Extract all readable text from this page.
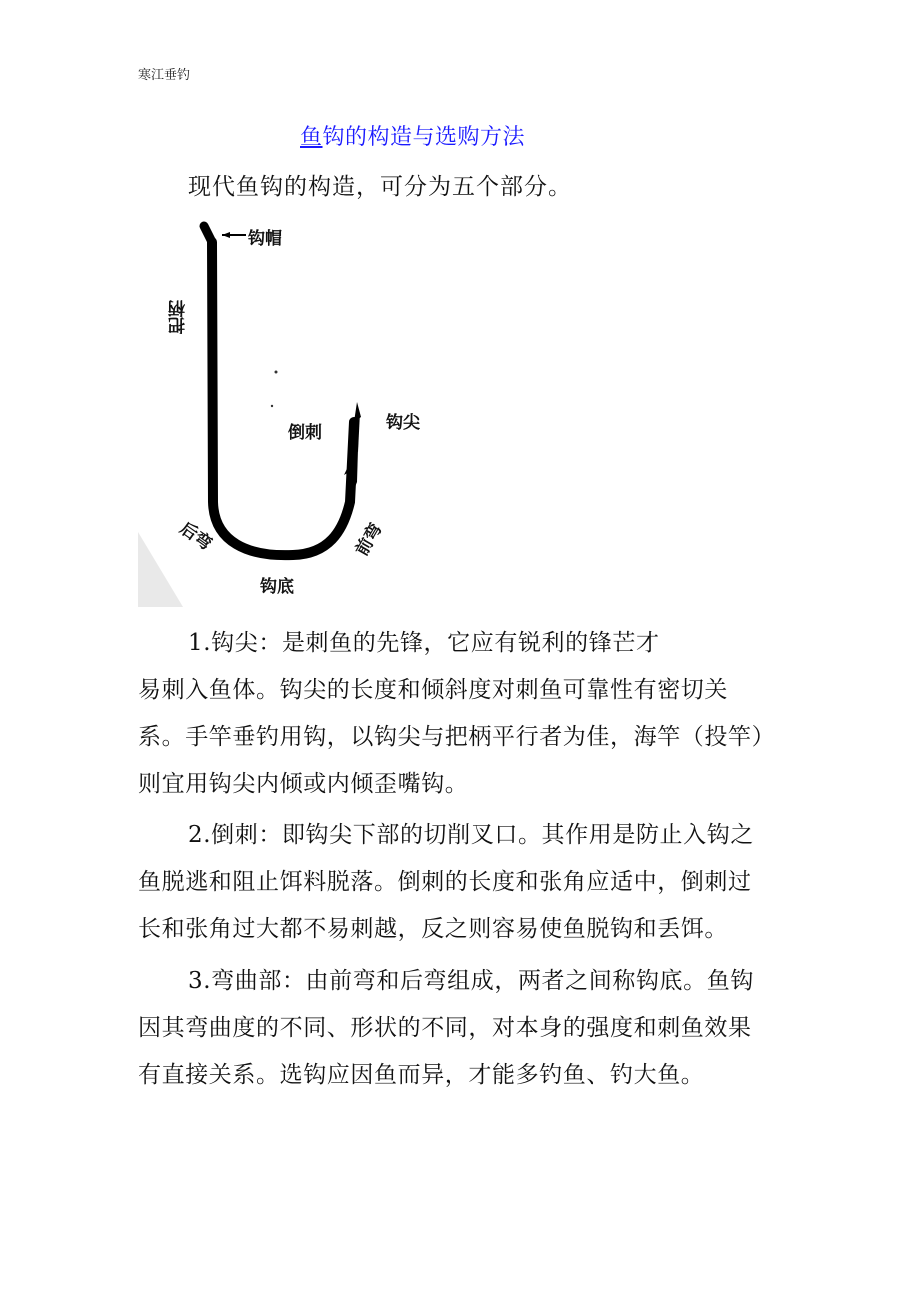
寒江垂钓
鱼钩的构造与选购方法
现代鱼钩的构造，可分为五个部分。
钩帽
把柄
倒刺	钩尖
后弯	前弯
钩底
1.钩尖：是刺鱼的先锋，它应有锐利的锋芒才
易刺入鱼体。钩尖的长度和倾斜度对刺鱼可靠性有密切关
系。手竿垂钓用钩，以钩尖与把柄平行者为佳，海竿（投竿）
则宜用钩尖内倾或内倾歪嘴钩。
2.倒刺：即钩尖下部的切削叉口。其作用是防止入钩之
鱼脱逃和阻止饵料脱落。倒刺的长度和张角应适中，倒刺过
长和张角过大都不易刺越，反之则容易使鱼脱钩和丢饵。
3.弯曲部：由前弯和后弯组成，两者之间称钩底。鱼钩
因其弯曲度的不同、形状的不同，对本身的强度和刺鱼效果
有直接关系。选钩应因鱼而异，才能多钓鱼、钓大鱼。
